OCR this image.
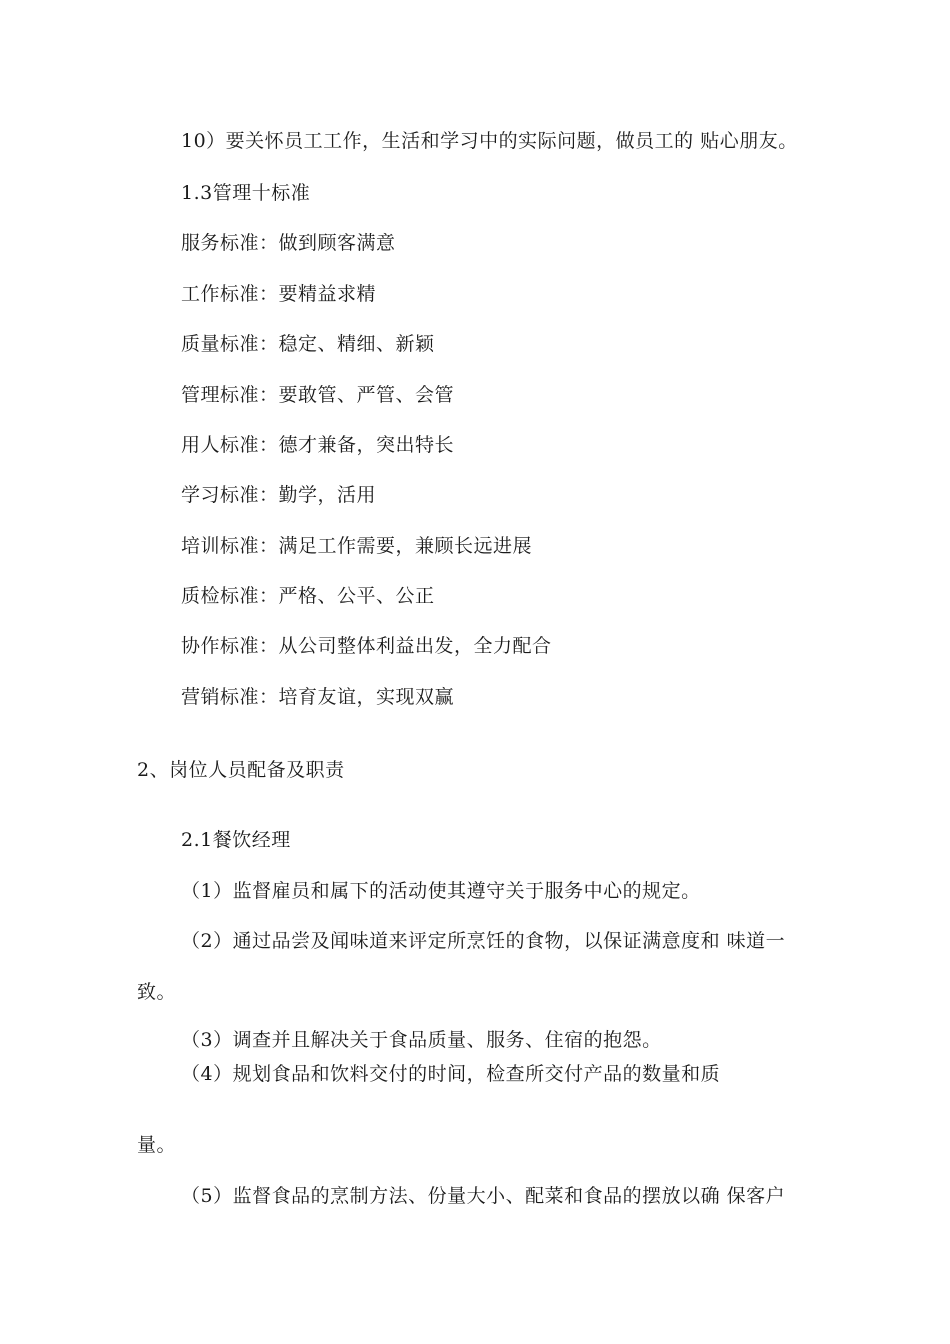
10）要关怀员工工作，生活和学习中的实际问题，做员工的 贴心朋友。
1.3管理十标准
服务标准：做到顾客满意
工作标准：要精益求精
质量标准：稳定、精细、新颖
管理标准：要敢管、严管、会管
用人标准：德才兼备，突出特长
学习标准：勤学，活用
培训标准：满足工作需要，兼顾长远进展
质检标准：严格、公平、公正
协作标准：从公司整体利益出发，全力配合
营销标准：培育友谊，实现双赢
2、岗位人员配备及职责
2.1餐饮经理
（1）监督雇员和属下的活动使其遵守关于服务中心的规定。
（2）通过品尝及闻味道来评定所烹饪的食物，以保证满意度和 味道一
致。
（3）调查并且解决关于食品质量、服务、住宿的抱怨。
（4）规划食品和饮料交付的时间，检查所交付产品的数量和质
量。
（5）监督食品的烹制方法、份量大小、配菜和食品的摆放以确 保客户
